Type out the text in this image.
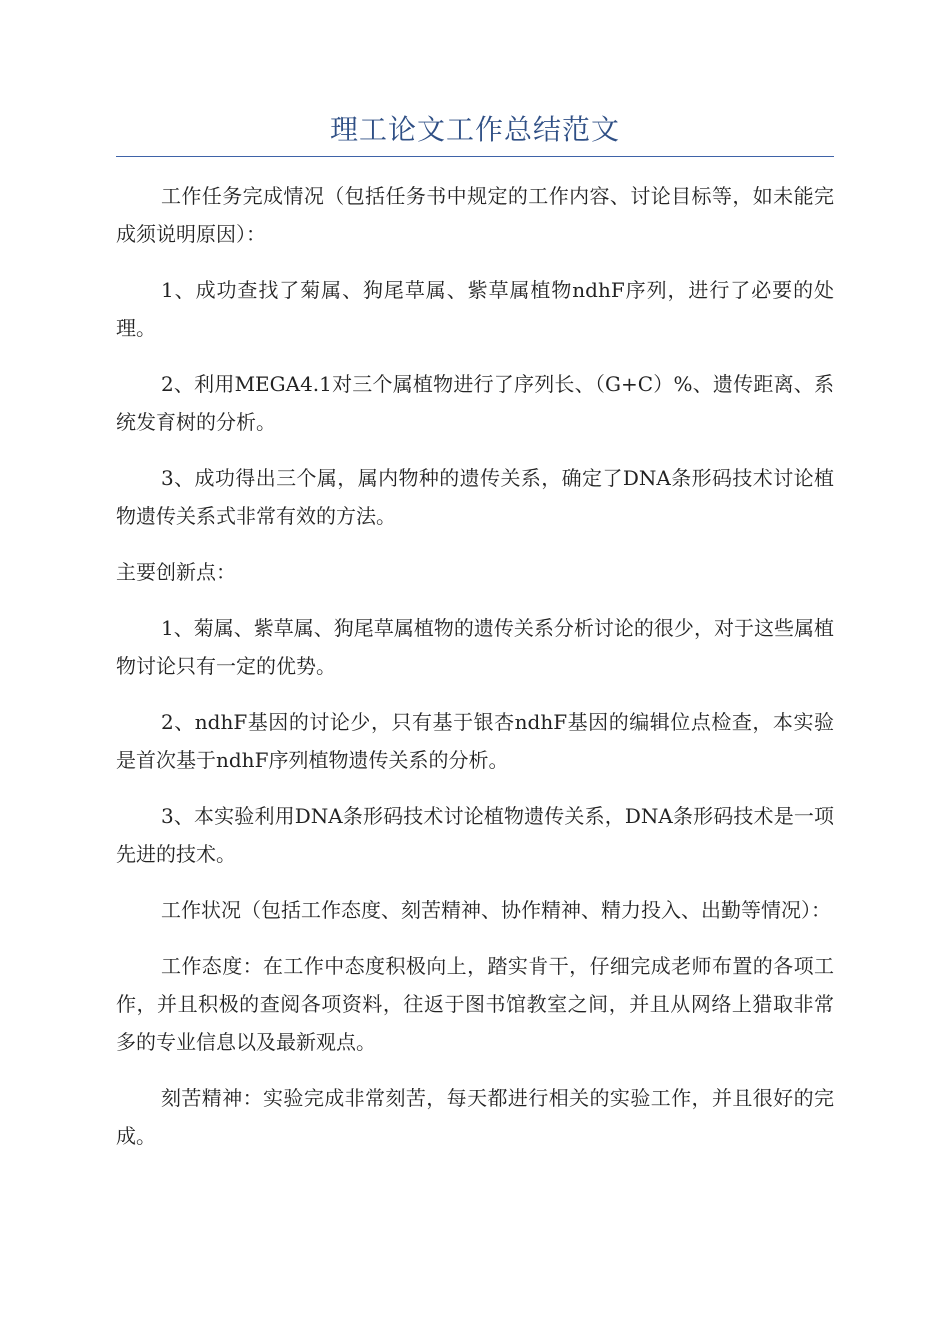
理工论文工作总结范文

工作任务完成情况（包括任务书中规定的工作内容、讨论目标等，如未能完成须说明原因）：

1、成功查找了菊属、狗尾草属、紫草属植物ndhF序列，进行了必要的处理。

2、利用MEGA4.1对三个属植物进行了序列长、（G+C）%、遗传距离、系统发育树的分析。

3、成功得出三个属，属内物种的遗传关系，确定了DNA条形码技术讨论植物遗传关系式非常有效的方法。

主要创新点：

1、菊属、紫草属、狗尾草属植物的遗传关系分析讨论的很少，对于这些属植物讨论只有一定的优势。

2、ndhF基因的讨论少，只有基于银杏ndhF基因的编辑位点检查，本实验是首次基于ndhF序列植物遗传关系的分析。

3、本实验利用DNA条形码技术讨论植物遗传关系，DNA条形码技术是一项先进的技术。

工作状况（包括工作态度、刻苦精神、协作精神、精力投入、出勤等情况）：

工作态度：在工作中态度积极向上，踏实肯干，仔细完成老师布置的各项工作，并且积极的查阅各项资料，往返于图书馆教室之间，并且从网络上猎取非常多的专业信息以及最新观点。

刻苦精神：实验完成非常刻苦，每天都进行相关的实验工作，并且很好的完成。
